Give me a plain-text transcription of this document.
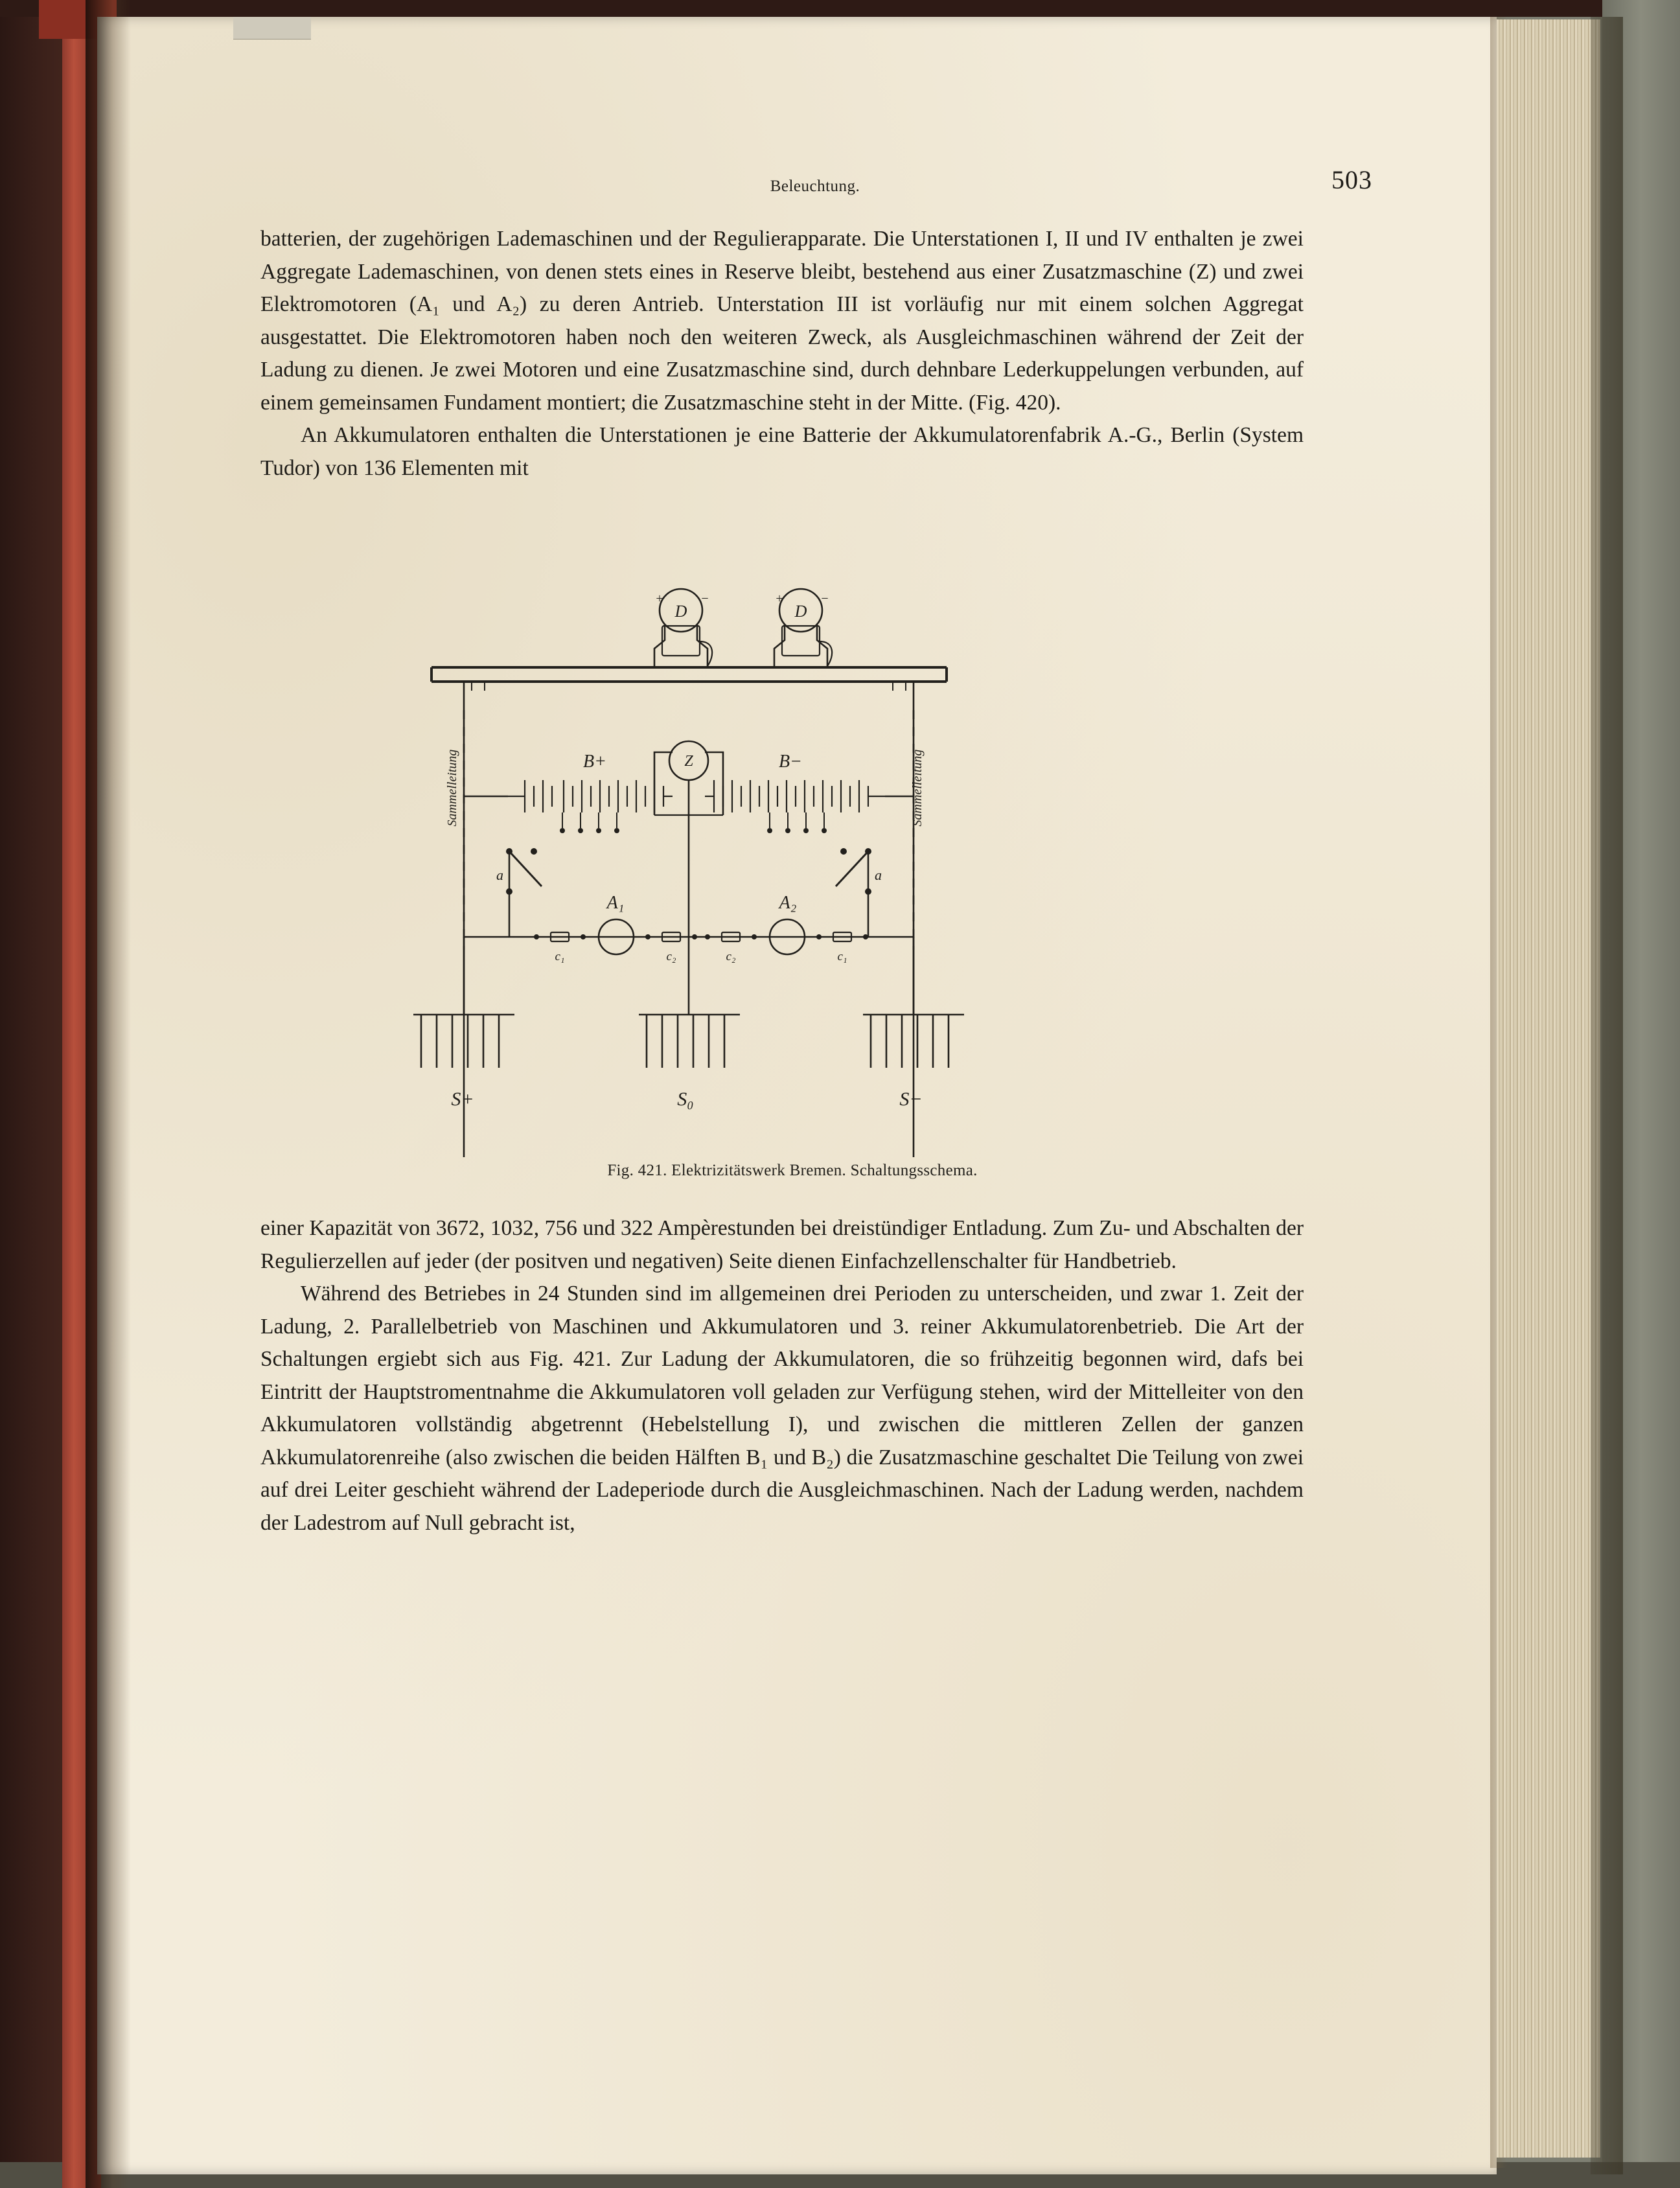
Beleuchtung.	503

batterien, der zugehörigen Lademaschinen und der Regulierapparate. Die Unterstationen I, II und IV enthalten je zwei Aggregate Lademaschinen, von denen stets eines in Reserve bleibt, bestehend aus einer Zusatzmaschine (Z) und zwei Elektromotoren (A₁ und A₂) zu deren Antrieb. Unterstation III ist vorläufig nur mit einem solchen Aggregat ausgestattet. Die Elektromotoren haben noch den weiteren Zweck, als Ausgleichmaschinen während der Zeit der Ladung zu dienen. Je zwei Motoren und eine Zusatzmaschine sind, durch dehnbare Lederkuppelungen verbunden, auf einem gemeinsamen Fundament montiert; die Zusatzmaschine steht in der Mitte. (Fig. 420).

An Akkumulatoren enthalten die Unterstationen je eine Batterie der Akkumulatorenfabrik A.-G., Berlin (System Tudor) von 136 Elementen mit

D	D
+	−	+	−
Sammelleitung	Sammelleitung
B+	B−
Z
A₁	A₂
a	a
c₁	c₂	c₂	c₁
S+	S₀	S−
Fig. 421. Elektrizitätswerk Bremen. Schaltungsschema.

einer Kapazität von 3672, 1032, 756 und 322 Ampèrestunden bei dreistündiger Entladung. Zum Zu- und Abschalten der Regulierzellen auf jeder (der positven und negativen) Seite dienen Einfachzellenschalter für Handbetrieb.

Während des Betriebes in 24 Stunden sind im allgemeinen drei Perioden zu unterscheiden, und zwar 1. Zeit der Ladung, 2. Parallelbetrieb von Maschinen und Akkumulatoren und 3. reiner Akkumulatorenbetrieb. Die Art der Schaltungen ergiebt sich aus Fig. 421. Zur Ladung der Akkumulatoren, die so frühzeitig begonnen wird, dafs bei Eintritt der Hauptstromentnahme die Akkumulatoren voll geladen zur Verfügung stehen, wird der Mittelleiter von den Akkumulatoren vollständig abgetrennt (Hebelstellung I), und zwischen die mittleren Zellen der ganzen Akkumulatorenreihe (also zwischen die beiden Hälften B₁ und B₂) die Zusatzmaschine geschaltet Die Teilung von zwei auf drei Leiter geschieht während der Ladeperiode durch die Ausgleichmaschinen. Nach der Ladung werden, nachdem der Ladestrom auf Null gebracht ist,
